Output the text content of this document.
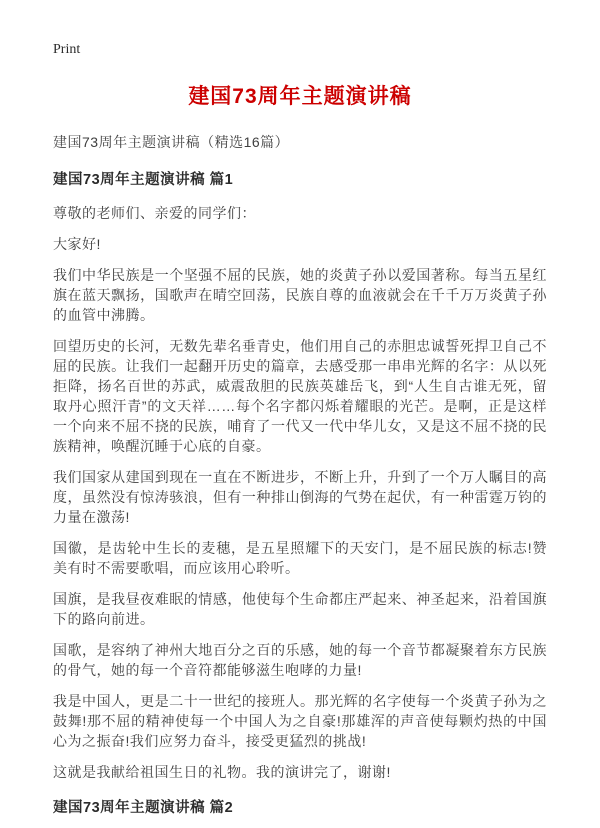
Print
建国73周年主题演讲稿
建国73周年主题演讲稿（精选16篇）
建国73周年主题演讲稿 篇1

尊敬的老师们、亲爱的同学们：

大家好!

我们中华民族是一个坚强不屈的民族，她的炎黄子孙以爱国著称。每当五星红旗在蓝天飘扬，国歌声在晴空回荡，民族自尊的血液就会在千千万万炎黄子孙的血管中沸腾。

回望历史的长河，无数先辈名垂青史，他们用自己的赤胆忠诚誓死捍卫自己不屈的民族。让我们一起翻开历史的篇章，去感受那一串串光辉的名字：从以死拒降，扬名百世的苏武，威震敌胆的民族英雄岳飞，到“人生自古谁无死，留取丹心照汗青”的文天祥……每个名字都闪烁着耀眼的光芒。是啊，正是这样一个向来不屈不挠的民族，哺育了一代又一代中华儿女，又是这不屈不挠的民族精神，唤醒沉睡于心底的自豪。

我们国家从建国到现在一直在不断进步，不断上升，升到了一个万人瞩目的高度，虽然没有惊涛骇浪，但有一种排山倒海的气势在起伏，有一种雷霆万钧的力量在激荡!

国徽，是齿轮中生长的麦穗，是五星照耀下的天安门，是不屈民族的标志!赞美有时不需要歌唱，而应该用心聆听。

国旗，是我昼夜难眠的情感，他使每个生命都庄严起来、神圣起来，沿着国旗下的路向前进。

国歌，是容纳了神州大地百分之百的乐感，她的每一个音节都凝聚着东方民族的骨气，她的每一个音符都能够滋生咆哮的力量!

我是中国人，更是二十一世纪的接班人。那光辉的名字使每一个炎黄子孙为之鼓舞!那不屈的精神使每一个中国人为之自豪!那雄浑的声音使每颗灼热的中国心为之振奋!我们应努力奋斗，接受更猛烈的挑战!

这就是我献给祖国生日的礼物。我的演讲完了，谢谢!

建国73周年主题演讲稿 篇2
